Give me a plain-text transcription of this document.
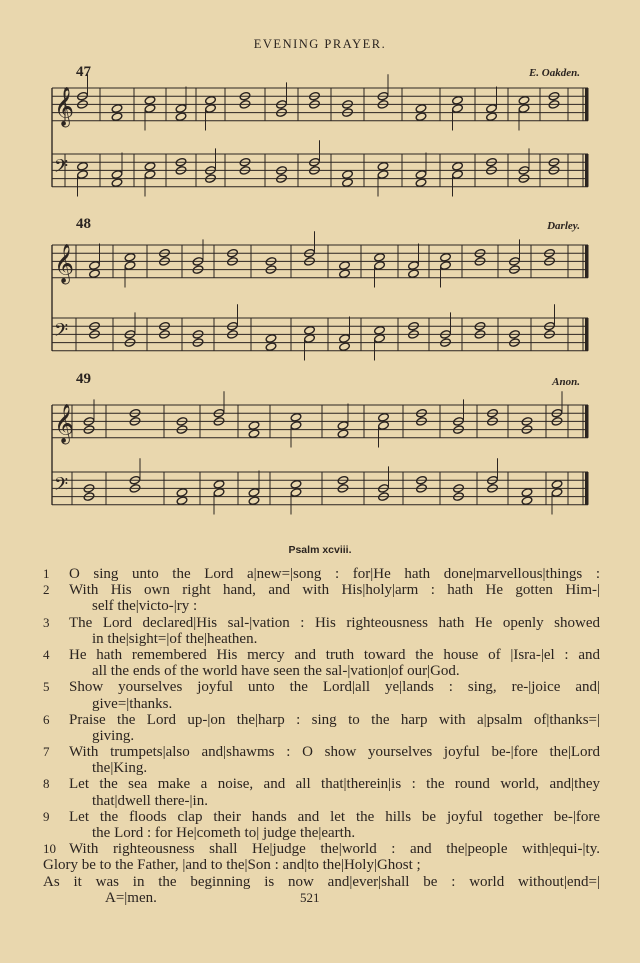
EVENING PRAYER.
47	E. Oakden.
48	Darley.
49	Anon.
𝄞
𝄢
𝄞
𝄢
𝄞
𝄢
Psalm xcviii.
1	O sing unto the Lord a|new=|song : for|He hath done|marvellous|things :
2	With His own right hand, and with His|holy|arm : hath He gotten Him-|
self the|victo-|ry :
3	The Lord declared|His sal-|vation : His righteousness hath He openly showed
in the|sight=|of the|heathen.
4	He hath remembered His mercy and truth toward the house of |Isra-|el : and
all the ends of the world have seen the sal-|vation|of our|God.
5	Show yourselves joyful unto the Lord|all ye|lands : sing, re-|joice and|
give=|thanks.
6	Praise the Lord up-|on the|harp : sing to the harp with a|psalm of|thanks=|
giving.
7	With trumpets|also and|shawms : O show yourselves joyful be-|fore the|Lord
the|King.
8	Let the sea make a noise, and all that|therein|is : the round world, and|they
that|dwell there-|in.
9	Let the floods clap their hands and let the hills be joyful together be-|fore
the Lord : for He|cometh to| judge the|earth.
10 With righteousness shall He|judge the|world : and the|people with|equi-|ty.
Glory be to the Father, |and to the|Son : and|to the|Holy|Ghost ;
As it was in the beginning is now and|ever|shall be : world without|end=|
A=|men.	521
